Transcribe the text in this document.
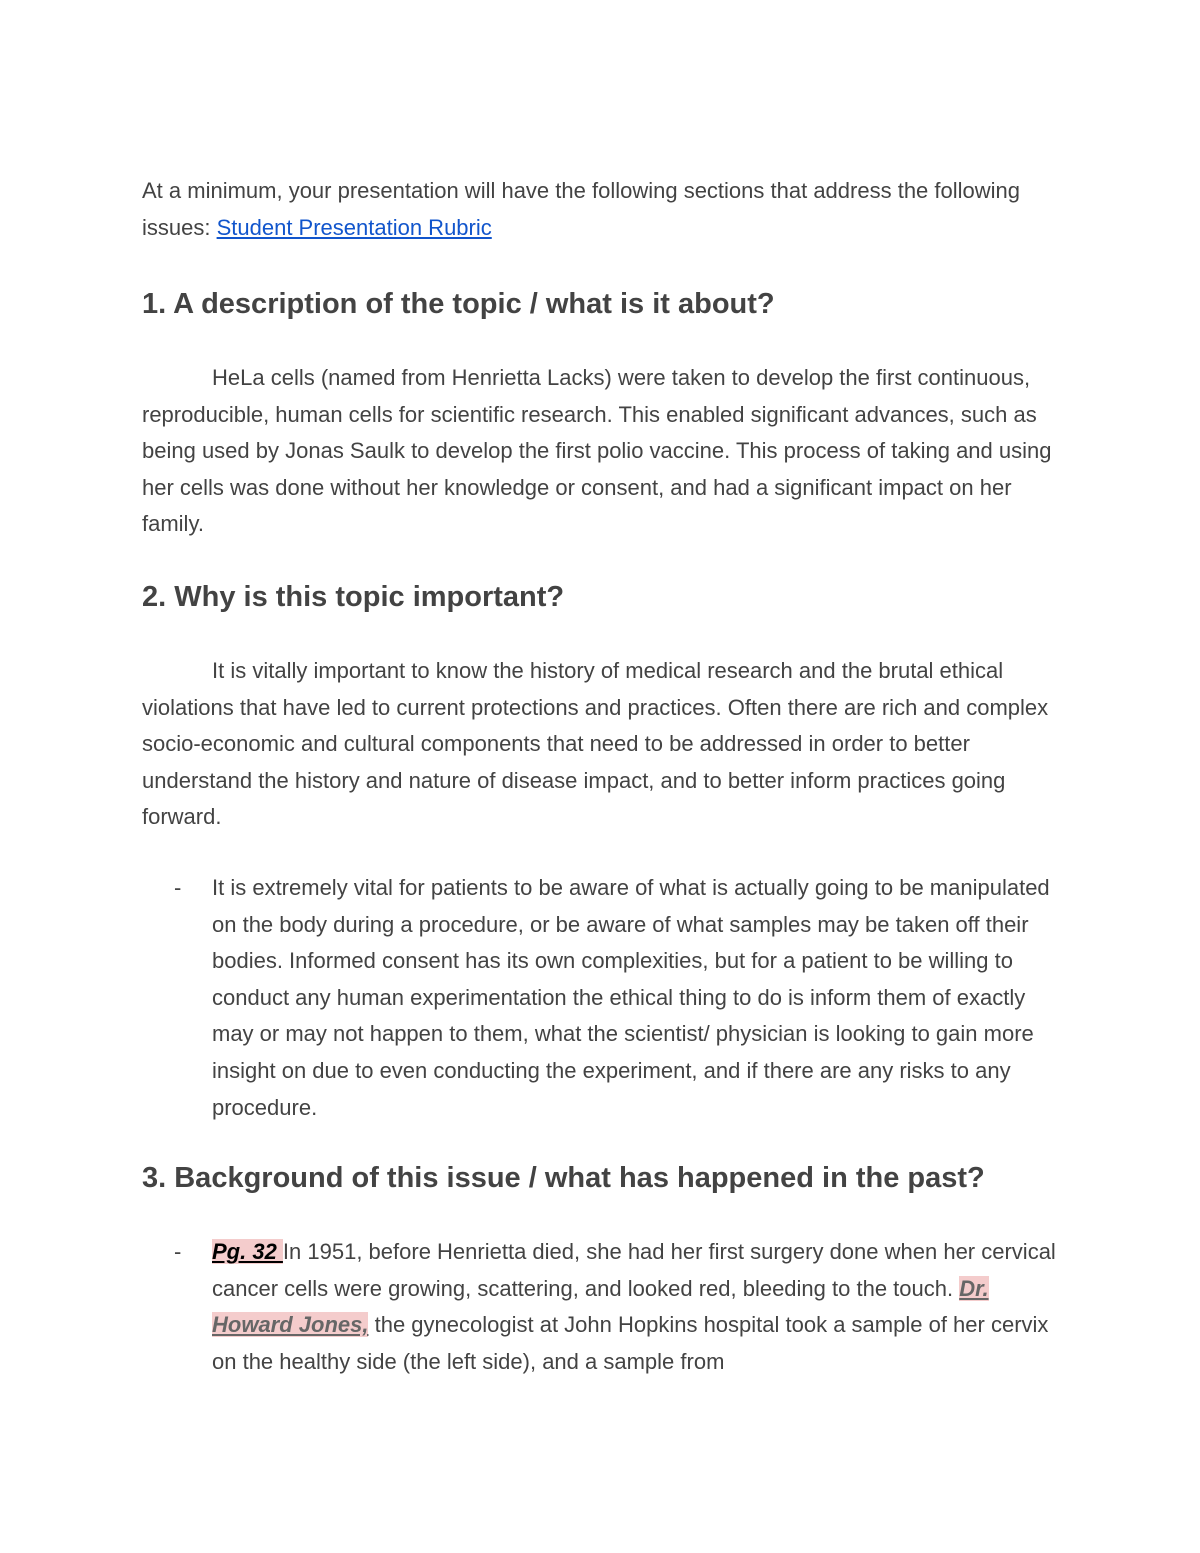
At a minimum, your presentation will have the following sections that address the following issues: Student Presentation Rubric

1. A description of the topic / what is it about?

HeLa cells (named from Henrietta Lacks) were taken to develop the first continuous, reproducible, human cells for scientific research. This enabled significant advances, such as being used by Jonas Saulk to develop the first polio vaccine. This process of taking and using her cells was done without her knowledge or consent, and had a significant impact on her family.

2. Why is this topic important?

It is vitally important to know the history of medical research and the brutal ethical violations that have led to current protections and practices. Often there are rich and complex socio-economic and cultural components that need to be addressed in order to better understand the history and nature of disease impact, and to better inform practices going forward.

- It is extremely vital for patients to be aware of what is actually going to be manipulated on the body during a procedure, or be aware of what samples may be taken off their bodies. Informed consent has its own complexities, but for a patient to be willing to conduct any human experimentation the ethical thing to do is inform them of exactly may or may not happen to them, what the scientist/ physician is looking to gain more insight on due to even conducting the experiment, and if there are any risks to any procedure.
3. Background of this issue / what has happened in the past?
- Pg. 32 In 1951, before Henrietta died, she had her first surgery done when her cervical cancer cells were growing, scattering, and looked red, bleeding to the touch. Dr. Howard Jones, the gynecologist at John Hopkins hospital took a sample of her cervix on the healthy side (the left side), and a sample from
